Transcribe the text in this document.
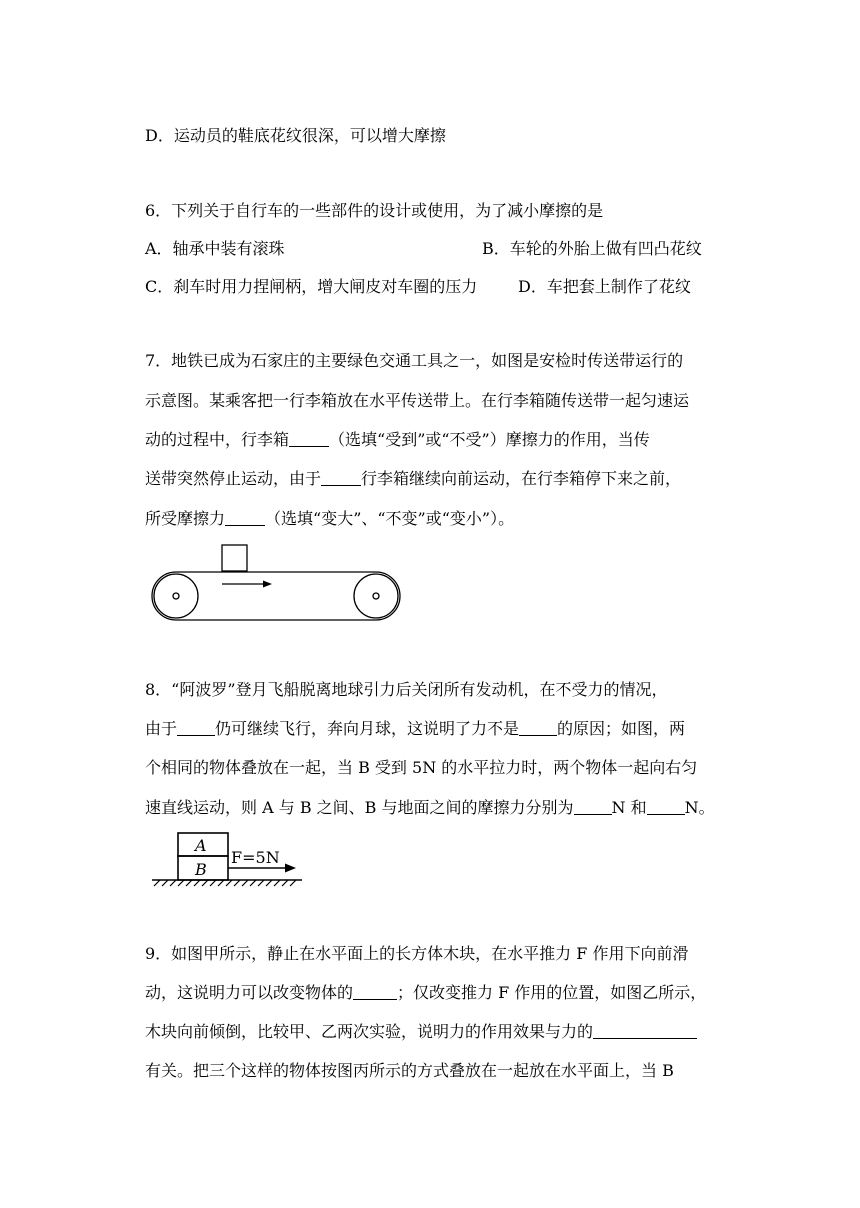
D．运动员的鞋底花纹很深，可以增大摩擦

6．下列关于自行车的一些部件的设计或使用，为了减小摩擦的是

A．轴承中装有滚珠	B．车轮的外胎上做有凹凸花纹

C．刹车时用力捏闸柄，增大闸皮对车圈的压力	D．车把套上制作了花纹

7．地铁已成为石家庄的主要绿色交通工具之一，如图是安检时传送带运行的

示意图。某乘客把一行李箱放在水平传送带上。在行李箱随传送带一起匀速运

动的过程中，行李箱	（选填“受到”或“不受”）摩擦力的作用，当传

送带突然停止运动，由于	行李箱继续向前运动，在行李箱停下来之前，

所受摩擦力	（选填“变大”、“不变”或“变小”）。

8．“阿波罗”登月飞船脱离地球引力后关闭所有发动机，在不受力的情况，

由于 仍可继续飞行，奔向月球，这说明了力不是 的原因；如图，两

个相同的物体叠放在一起，当 B 受到 5N 的水平拉力时，两个物体一起向右匀

速直线运动，则 A 与 B 之间、B 与地面之间的摩擦力分别为 N 和 N。

A
B
F=5N

9．如图甲所示，静止在水平面上的长方体木块，在水平推力 F 作用下向前滑

动，这说明力可以改变物体的	；仅改变推力 F 作用的位置，如图乙所示，

木块向前倾倒，比较甲、乙两次实验，说明力的作用效果与力的

有关。把三个这样的物体按图丙所示的方式叠放在一起放在水平面上，当 B
